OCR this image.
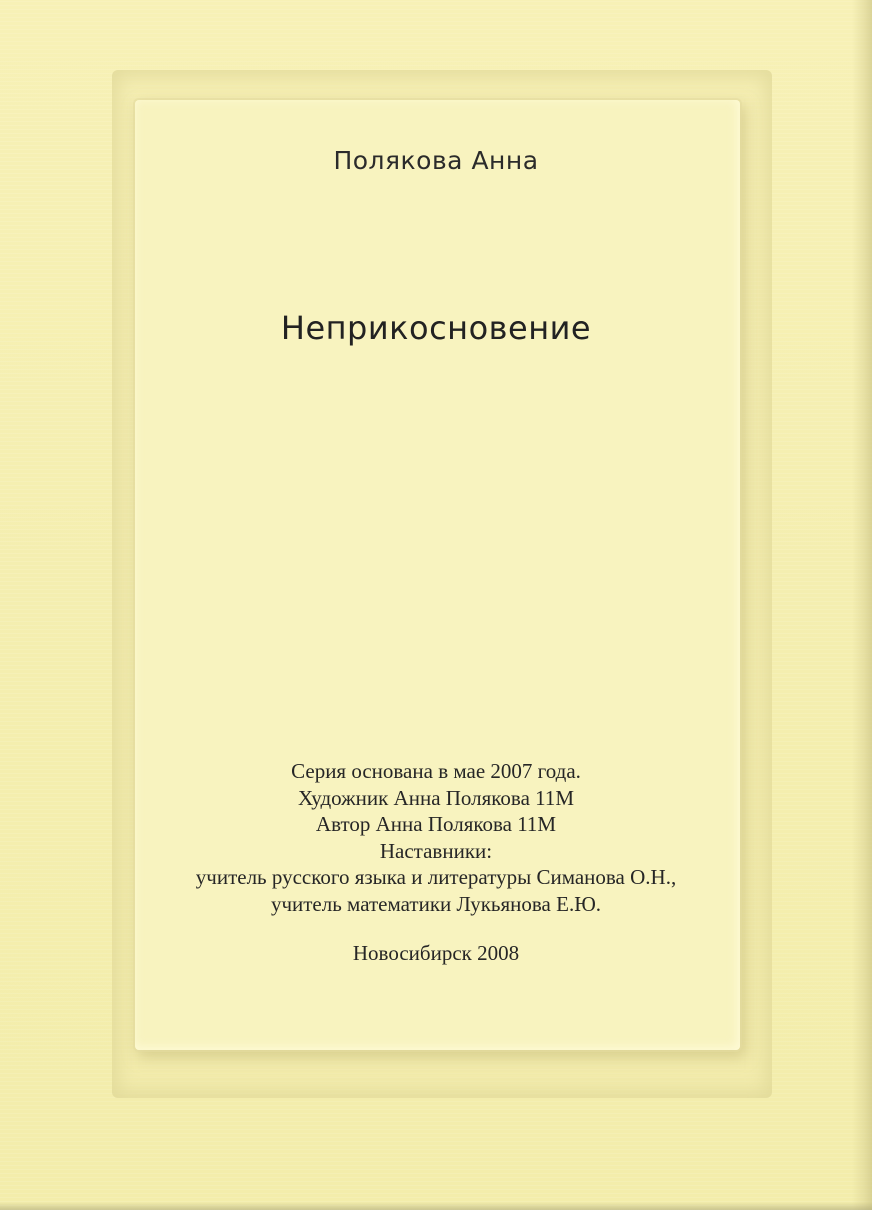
Полякова Анна
Неприкосновение
Серия основана в мае 2007 года.
Художник Анна Полякова 11М
Автор Анна Полякова 11М
Наставники:
учитель русского языка и литературы Симанова О.Н.,
учитель математики Лукьянова Е.Ю.
Новосибирск 2008
